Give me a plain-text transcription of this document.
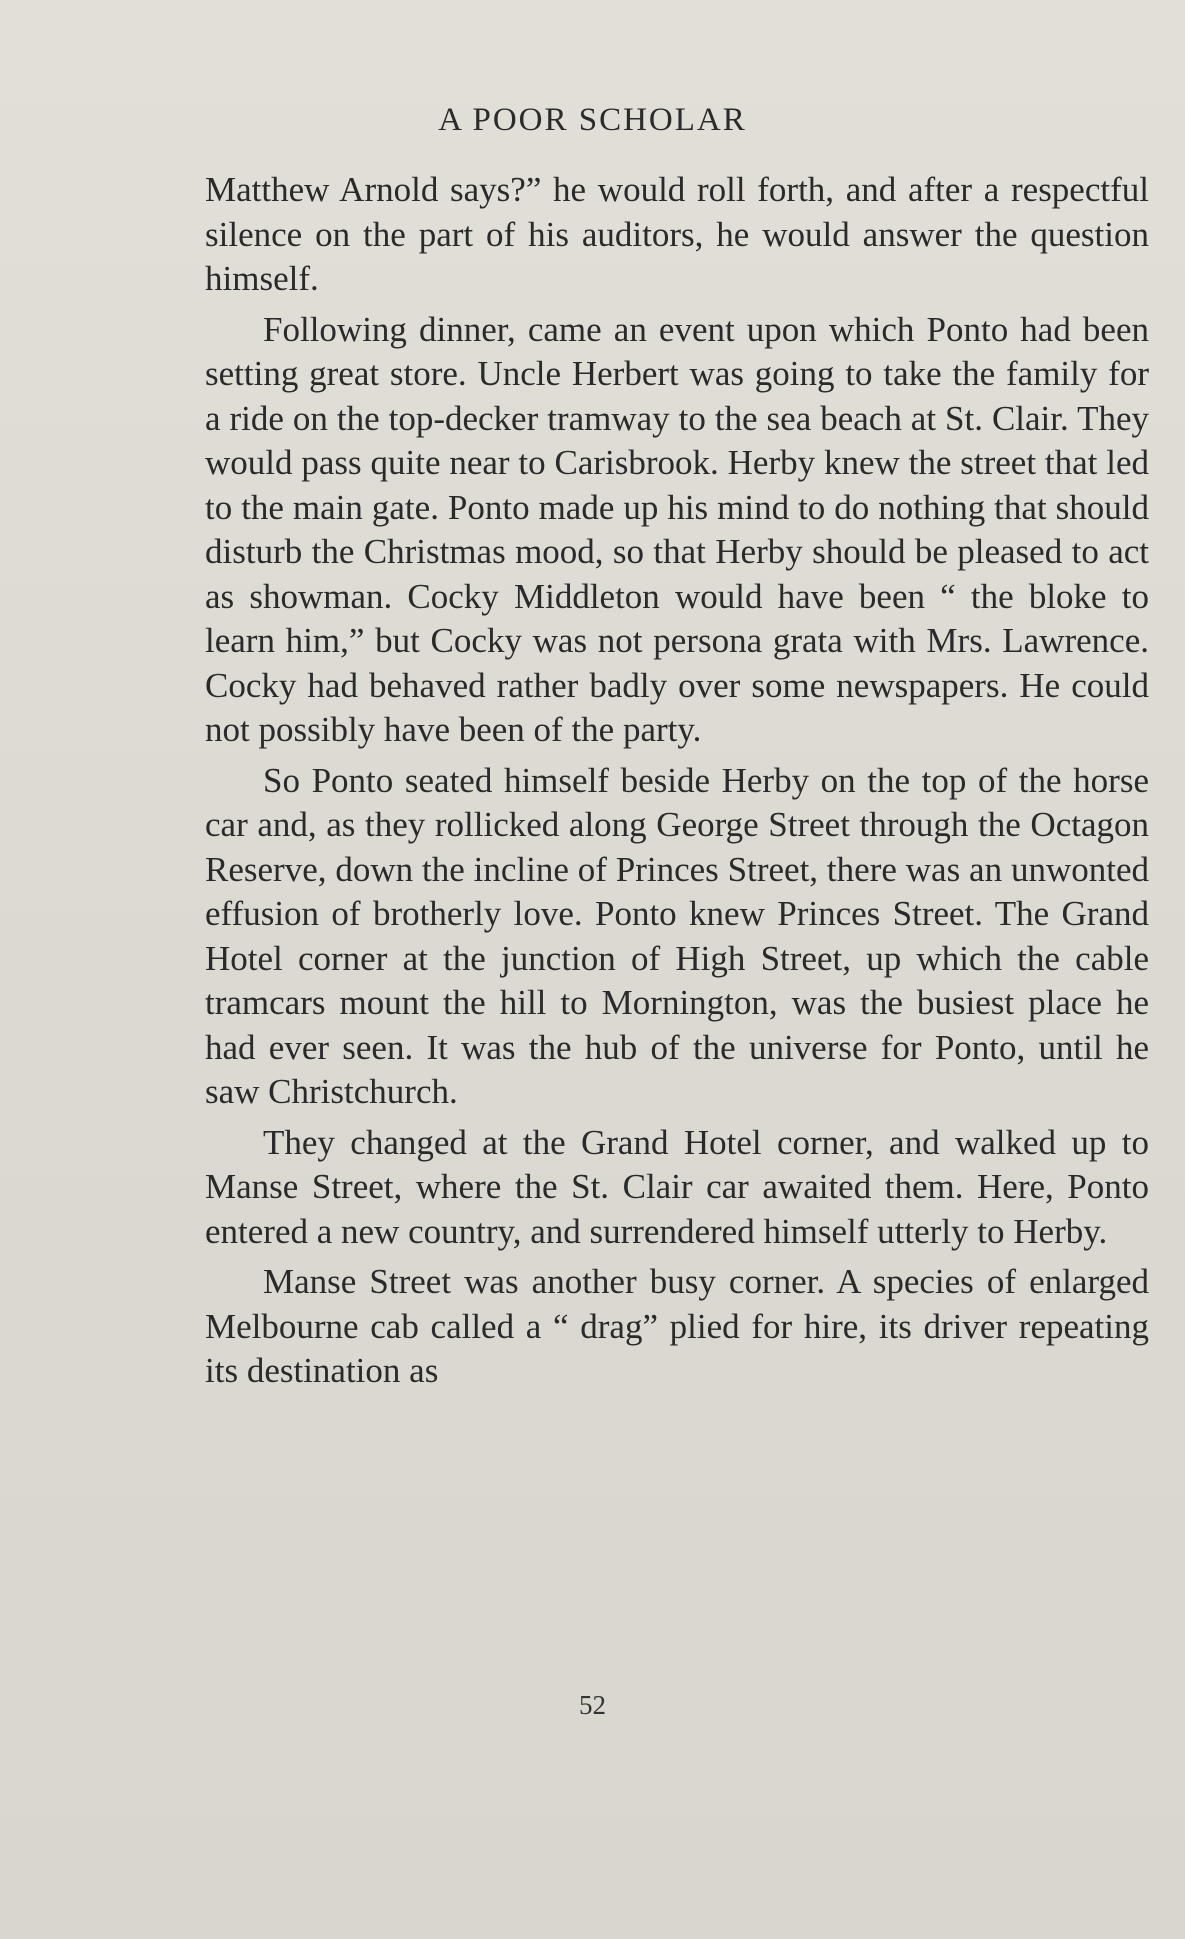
A POOR SCHOLAR

Matthew Arnold says?” he would roll forth, and after a respectful silence on the part of his auditors, he would answer the question himself.

Following dinner, came an event upon which Ponto had been setting great store. Uncle Herbert was going to take the family for a ride on the top-decker tramway to the sea beach at St. Clair. They would pass quite near to Carisbrook. Herby knew the street that led to the main gate. Ponto made up his mind to do nothing that should disturb the Christmas mood, so that Herby should be pleased to act as showman. Cocky Middleton would have been “ the bloke to learn him,” but Cocky was not persona grata with Mrs. Lawrence. Cocky had behaved rather badly over some newspapers. He could not possibly have been of the party.

So Ponto seated himself beside Herby on the top of the horse car and, as they rollicked along George Street through the Octagon Reserve, down the incline of Princes Street, there was an unwonted effusion of brotherly love. Ponto knew Princes Street. The Grand Hotel corner at the junction of High Street, up which the cable tramcars mount the hill to Mornington, was the busiest place he had ever seen. It was the hub of the universe for Ponto, until he saw Christchurch.

They changed at the Grand Hotel corner, and walked up to Manse Street, where the St. Clair car awaited them. Here, Ponto entered a new country, and surrendered himself utterly to Herby.

Manse Street was another busy corner. A species of enlarged Melbourne cab called a “ drag” plied for hire, its driver repeating its destination as

52
